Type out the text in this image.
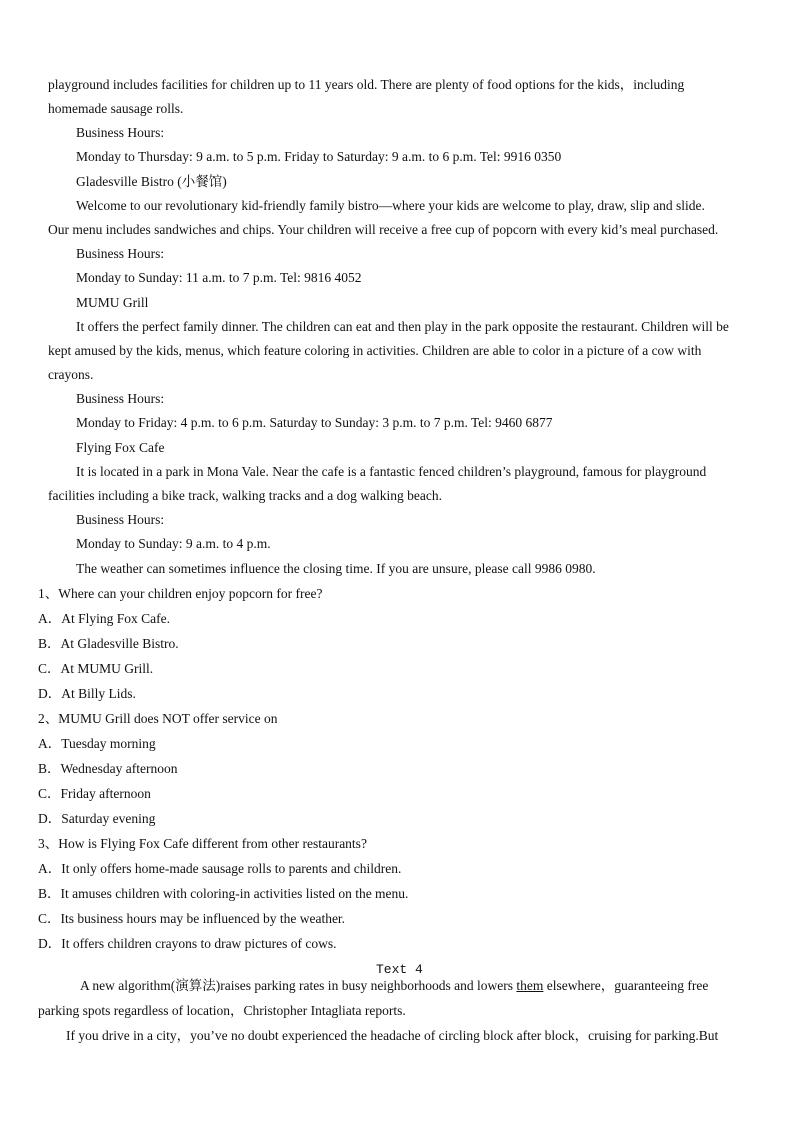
playground includes facilities for children up to 11 years old. There are plenty of food options for the kids，including
homemade sausage rolls.
Business Hours:
Monday to Thursday: 9 a.m. to 5 p.m. Friday to Saturday: 9 a.m. to 6 p.m. Tel: 9916 0350
Gladesville Bistro (小餐馆)
Welcome to our revolutionary kid-friendly family bistro—where your kids are welcome to play, draw, slip and slide.
Our menu includes sandwiches and chips. Your children will receive a free cup of popcorn with every kid’s meal purchased.
Business Hours:
Monday to Sunday: 11 a.m. to 7 p.m. Tel: 9816 4052
MUMU Grill
It offers the perfect family dinner. The children can eat and then play in the park opposite the restaurant. Children will be
kept amused by the kids, menus, which feature coloring in activities. Children are able to color in a picture of a cow with
crayons.
Business Hours:
Monday to Friday: 4 p.m. to 6 p.m. Saturday to Sunday: 3 p.m. to 7 p.m. Tel: 9460 6877
Flying Fox Cafe
It is located in a park in Mona Vale. Near the cafe is a fantastic fenced children’s playground, famous for playground
facilities including a bike track, walking tracks and a dog walking beach.
Business Hours:
Monday to Sunday: 9 a.m. to 4 p.m.
The weather can sometimes influence the closing time. If you are unsure, please call 9986 0980.
1、Where can your children enjoy popcorn for free?
A．At Flying Fox Cafe.
B．At Gladesville Bistro.
C．At MUMU Grill.
D．At Billy Lids.
2、MUMU Grill does NOT offer service on
A．Tuesday morning
B．Wednesday afternoon
C．Friday afternoon
D．Saturday evening
3、How is Flying Fox Cafe different from other restaurants?
A．It only offers home-made sausage rolls to parents and children.
B．It amuses children with coloring-in activities listed on the menu.
C．Its business hours may be influenced by the weather.
D．It offers children crayons to draw pictures of cows.
Text 4
A new algorithm(演算法)raises parking rates in busy neighborhoods and lowers them elsewhere，guaranteeing free
parking spots regardless of location，Christopher Intagliata reports.
If you drive in a city，you’ve no doubt experienced the headache of circling block after block，cruising for parking.But
